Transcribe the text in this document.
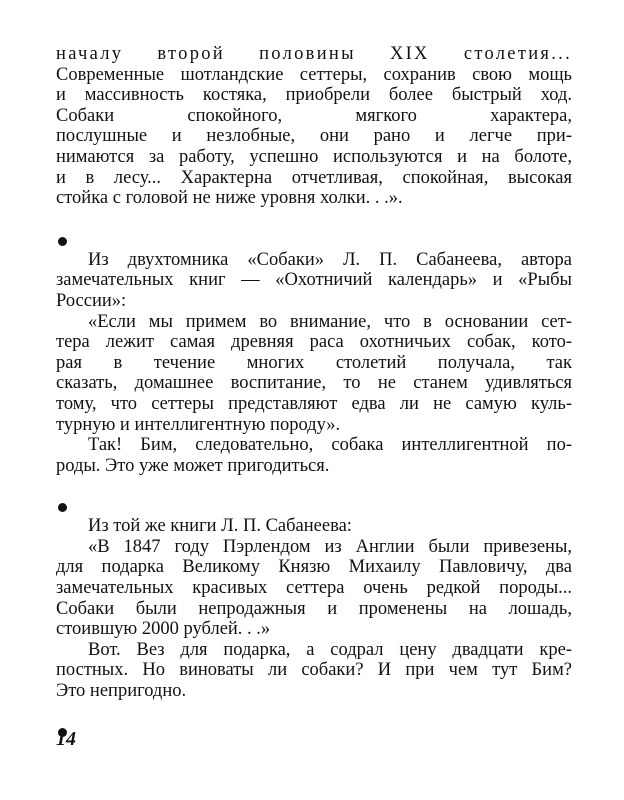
началу второй половины XIX столетия...
Современные шотландские сеттеры, сохранив свою мощь
и массивность костяка, приобрели более быстрый ход.
Собаки спокойного, мягкого характера,
послушные и незлобные, они рано и легче при-
нимаются за работу, успешно используются и на болоте,
и в лесу... Характерна отчетливая, спокойная, высокая
стойка с головой не ниже уровня холки. . .».
Из двухтомника «Собаки» Л. П. Сабанеева, автора
замечательных книг — «Охотничий календарь» и «Рыбы
России»:
«Если мы примем во внимание, что в основании сет-
тера лежит самая древняя раса охотничьих собак, кото-
рая в течение многих столетий получала, так
сказать, домашнее воспитание, то не станем удивляться
тому, что сеттеры представляют едва ли не самую куль-
турную и интеллигентную породу».
Так! Бим, следовательно, собака интеллигентной по-
роды. Это уже может пригодиться.
Из той же книги Л. П. Сабанеева:
«В 1847 году Пэрлендом из Англии были привезены,
для подарка Великому Князю Михаилу Павловичу, два
замечательных красивых сеттера очень редкой породы...
Собаки были непродажныя и променены на лошадь,
стоившую 2000 рублей. . .»
Вот. Вез для подарка, а содрал цену двадцати кре-
постных. Но виноваты ли собаки? И при чем тут Бим?
Это непригодно.
14
